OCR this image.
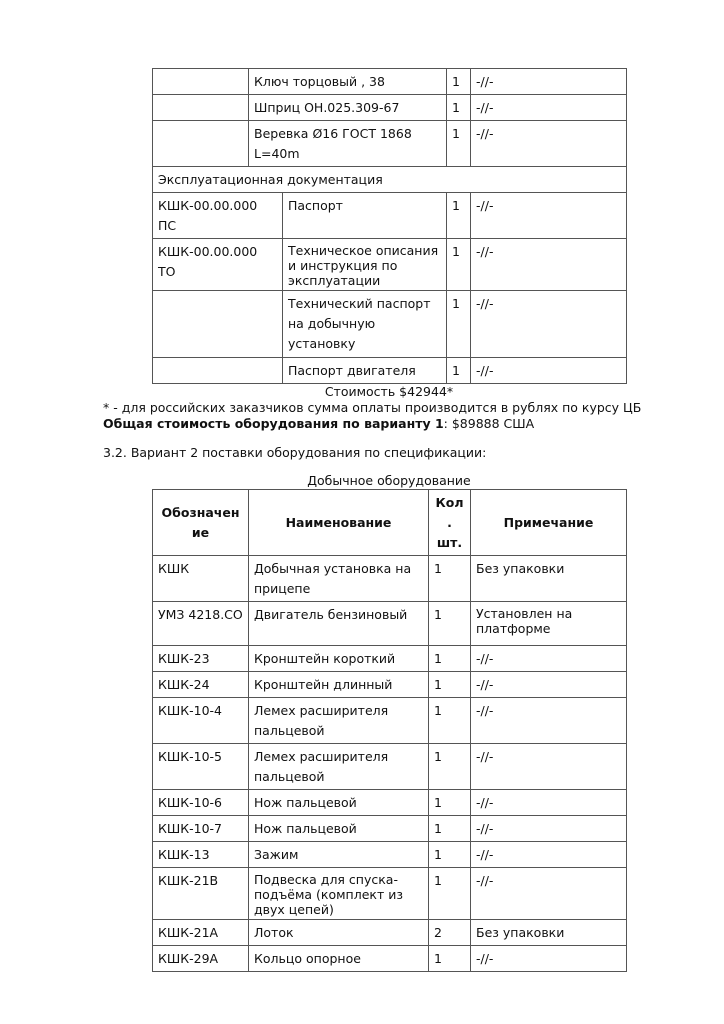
	Ключ торцовый , 38		1	-//-
	Шприц ОН.025.309-67		1	-//-
	Веревка Ø16 ГОСТ 1868 L=40m		1	-//-
Эксплуатационная документация				
КШК-00.00.000 ПС		Паспорт	1	-//-
КШК-00.00.000 ТО		Техническое описания и инструкция по эксплуатации	1	-//-
		Технический паспорт на добычную установку	1	-//-
		Паспорт двигателя	1	-//-
Стоимость $42944*
* - для российских заказчиков сумма оплаты производится в рублях по курсу ЦБ
Общая стоимость оборудования по варианту 1: $89888 США
3.2. Вариант 2 поставки оборудования по спецификации:
Добычное оборудование
Обозначение	Наименование	Кол. шт.	Примечание
КШК	Добычная установка на прицепе	1	Без упаковки
УМЗ 4218.СО	Двигатель бензиновый	1	Установлен на платформе
КШК-23	Кронштейн короткий	1	-//-
КШК-24	Кронштейн длинный	1	-//-
КШК-10-4	Лемех расширителя пальцевой	1	-//-
КШК-10-5	Лемех расширителя пальцевой	1	-//-
КШК-10-6	Нож пальцевой	1	-//-
КШК-10-7	Нож пальцевой	1	-//-
КШК-13	Зажим	1	-//-
КШК-21В	Подвеска для спуска-подъёма (комплект из двух цепей)	1	-//-
КШК-21А	Лоток	2	Без упаковки
КШК-29А	Кольцо опорное	1	-//-
